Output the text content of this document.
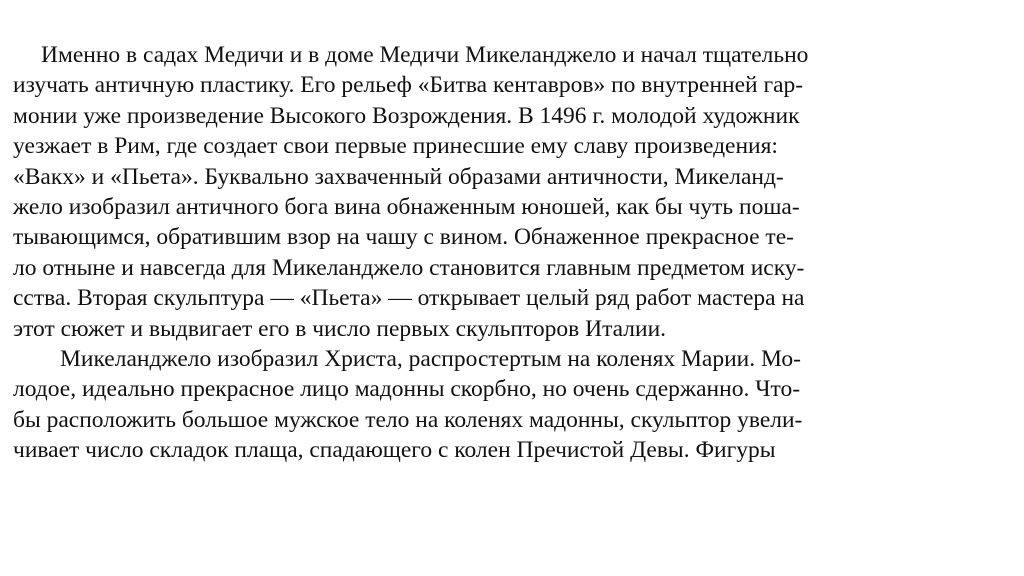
Именно в садах Медичи и в доме Медичи Микеланджело и начал тщательно
изучать античную пластику. Его рельеф «Битва кентавров» по внутренней гар-
монии уже произведение Высокого Возрождения. В 1496 г. молодой художник
уезжает в Рим, где создает свои первые принесшие ему славу произведения:
«Вакх» и «Пьета». Буквально захваченный образами античности, Микеланд-
жело изобразил античного бога вина обнаженным юношей, как бы чуть поша-
тывающимся, обратившим взор на чашу с вином. Обнаженное прекрасное те-
ло отныне и навсегда для Микеланджело становится главным предметом иску-
сства. Вторая скульптура — «Пьета» — открывает целый ряд работ мастера на
этот сюжет и выдвигает его в число первых скульпторов Италии.
Микеланджело изобразил Христа, распростертым на коленях Марии. Мо-
лодое, идеально прекрасное лицо мадонны скорбно, но очень сдержанно. Что-
бы расположить большое мужское тело на коленях мадонны, скульптор увели-
чивает число складок плаща, спадающего с колен Пречистой Девы. Фигуры
